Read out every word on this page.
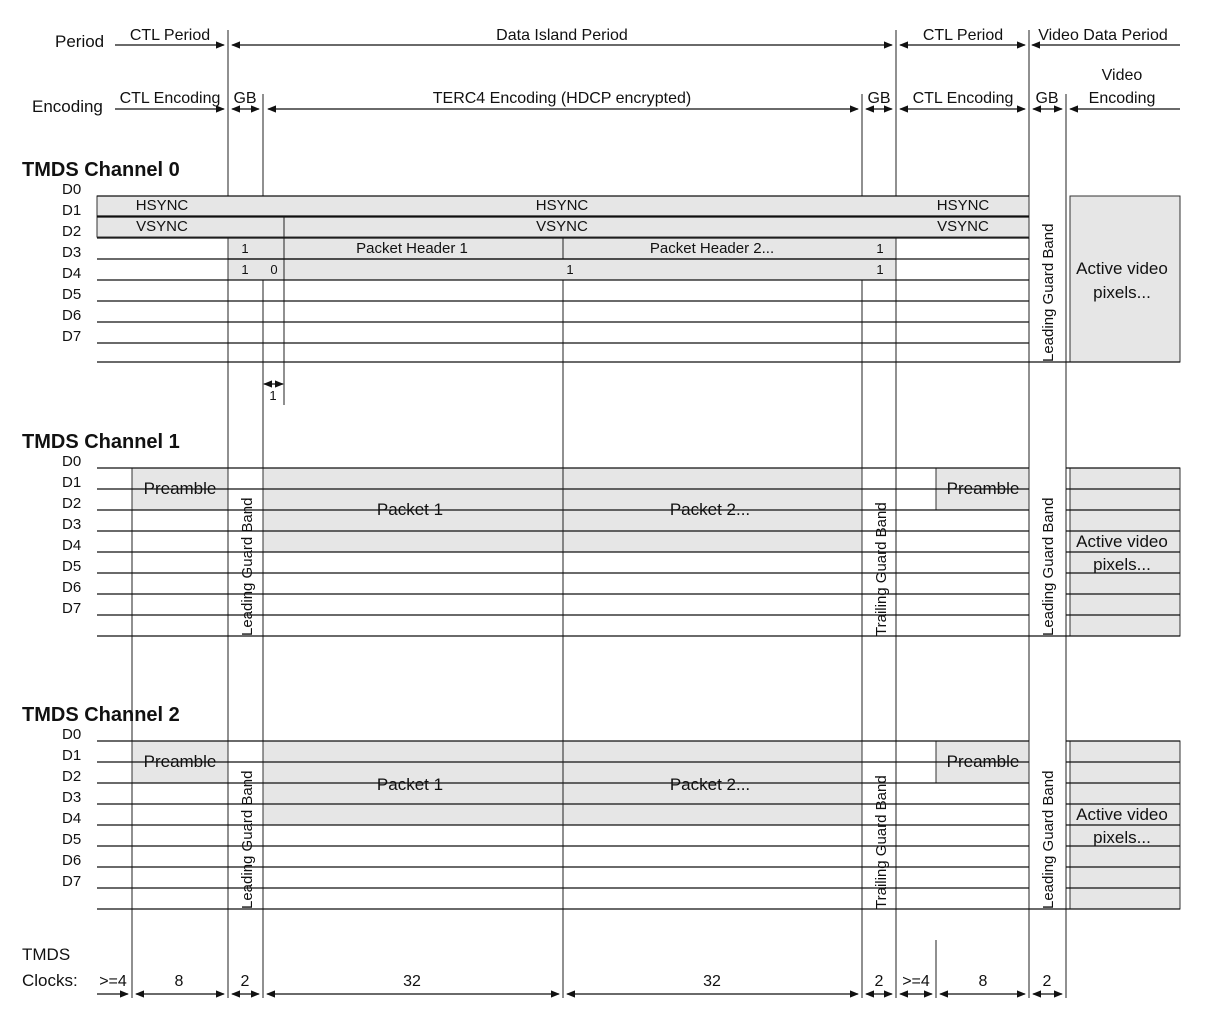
Period CTL Period	Data Island Period	CTL Period Video Data Period
Encoding CTL Encoding GB	TERC4 Encoding (HDCP encrypted)	GB CTL Encoding GB
Video
Encoding
TMDS Channel 0
D0
D1
D2
D3
D4
D5
D6
D7
HSYNC
VSYNC
HSYNC
VSYNC
HSYNC
VSYNC
1	Packet Header 1	Packet Header 2...	1
1 0	1	1
1
Leading Guard Band Active video
pixels...
TMDS Channel 1
D0
D1
D2
D3
D4
D5
D6
D7
Preamble
Packet 1	Packet 2...
Preamble
Leading Guard Band	Trailing Guard Band	Leading Guard Band Active video
pixels...
TMDS Channel 2
D0
D1
D2
D3
D4
D5
D6
D7
Preamble
Packet 1	Packet 2...
Preamble
Leading Guard Band	Trailing Guard Band	Leading Guard Band Active video
pixels...
TMDS
Clocks: >=4	8	2	32	32	2 >=4	8	2
